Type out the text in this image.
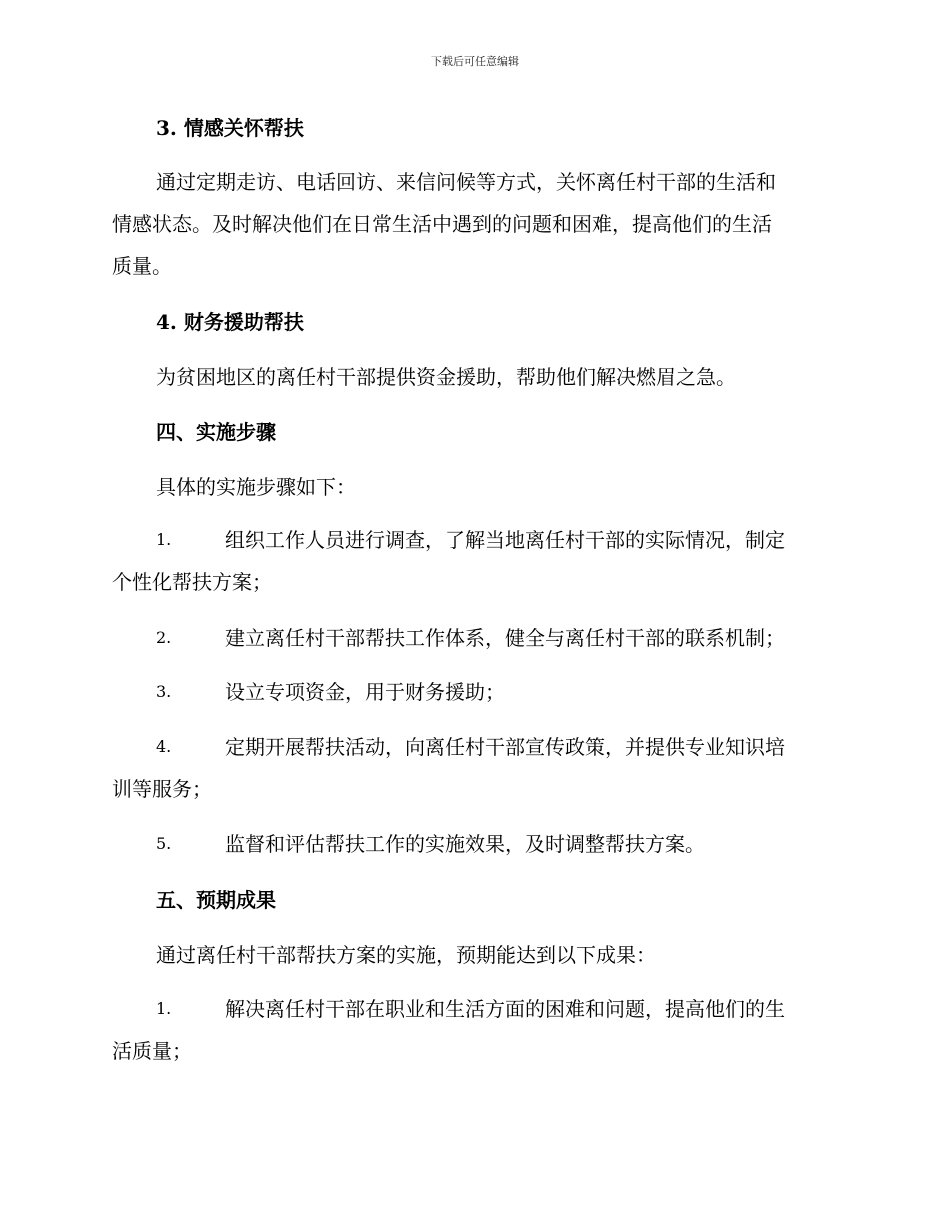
下载后可任意编辑
3. 情感关怀帮扶
通过定期走访、电话回访、来信问候等方式，关怀离任村干部的生活和
情感状态。及时解决他们在日常生活中遇到的问题和困难，提高他们的生活
质量。
4. 财务援助帮扶
为贫困地区的离任村干部提供资金援助，帮助他们解决燃眉之急。
四、实施步骤
具体的实施步骤如下：
1.	组织工作人员进行调查，了解当地离任村干部的实际情况，制定
个性化帮扶方案；
2.	建立离任村干部帮扶工作体系，健全与离任村干部的联系机制；
3.	设立专项资金，用于财务援助；
4.	定期开展帮扶活动，向离任村干部宣传政策，并提供专业知识培
训等服务；
5.	监督和评估帮扶工作的实施效果，及时调整帮扶方案。
五、预期成果
通过离任村干部帮扶方案的实施，预期能达到以下成果：
1.	解决离任村干部在职业和生活方面的困难和问题，提高他们的生
活质量；
